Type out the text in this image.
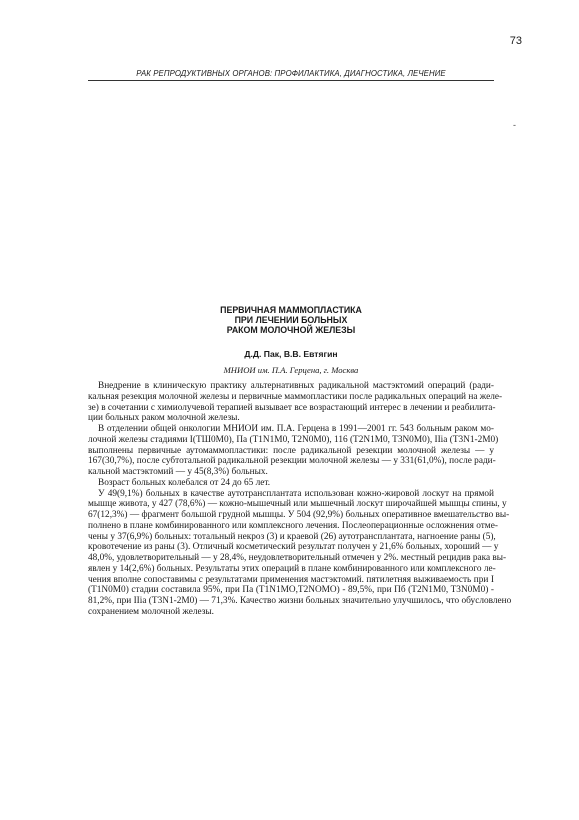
73
РАК РЕПРОДУКТИВНЫХ ОРГАНОВ: ПРОФИЛАКТИКА, ДИАГНОСТИКА, ЛЕЧЕНИЕ
-
ПЕРВИЧНАЯ МАММОПЛАСТИКА
ПРИ ЛЕЧЕНИИ БОЛЬНЫХ
РАКОМ МОЛОЧНОЙ ЖЕЛЕЗЫ
Д.Д. Пак, В.В. Евтягин
МНИОИ им. П.А. Герцена, г. Москва
Внедрение в клиническую практику альтернативных радикальной мастэктомий операций (ради-
кальная резекция молочной железы и первичные маммопластики после радикальных операций на желе-
зе) в сочетании с химиолучевой терапией вызывает все возрастающий интерес в лечении и реабилита-
ции больных раком молочной железы.
В отделении общей онкологии МНИОИ им. П.А. Герцена в 1991—2001 гг. 543 больным раком мо-
лочной железы стадиями I(ТШ0М0), Па (T1N1M0, T2N0M0), 116 (T2N1M0, T3N0M0), IIia (T3N1-2M0)
выполнены первичные аутомаммопластики: после радикальной резекции молочной железы — у
167(30,7%), после субтотальной радикальной резекции молочной железы — у 331(61,0%), после ради-
кальной мастэктомий — у 45(8,3%) больных.
Возраст больных колебался от 24 до 65 лет.
У 49(9,1%) больных в качестве аутотрансплантата использован кожно-жировой лоскут на прямой
мышце живота, у 427 (78,6%) — кожно-мышечный или мышечный лоскут широчайшей мышцы спины, у
67(12,3%) — фрагмент большой грудной мышцы. У 504 (92,9%) больных оперативное вмешательство вы-
полнено в плане комбинированного или комплексного лечения. Послеоперационные осложнения отме-
чены у 37(6,9%) больных: тотальный некроз (3) и краевой (26) аутотрансплантата, нагноение раны (5),
кровотечение из раны (3). Отличный косметический результат получен у 21,6% больных, хороший — у
48,0%, удовлетворительный — у 28,4%, неудовлетворительный отмечен у 2%. местный рецидив рака вы-
явлен у 14(2,6%) больных. Результаты этих операций в плане комбинированного или комплексного ле-
чения вполне сопоставимы с результатами применения мастэктомий. пятилетняя выживаемость при I
(T1N0M0) стадии составила 95%, при Па (T1N1МО,Т2NОМО) - 89,5%, при Пб (T2N1M0, T3N0M0) -
81,2%, при IIia (T3N1-2M0) — 71,3%. Качество жизни больных значительно улучшилось, что обусловлено
сохранением молочной железы.
